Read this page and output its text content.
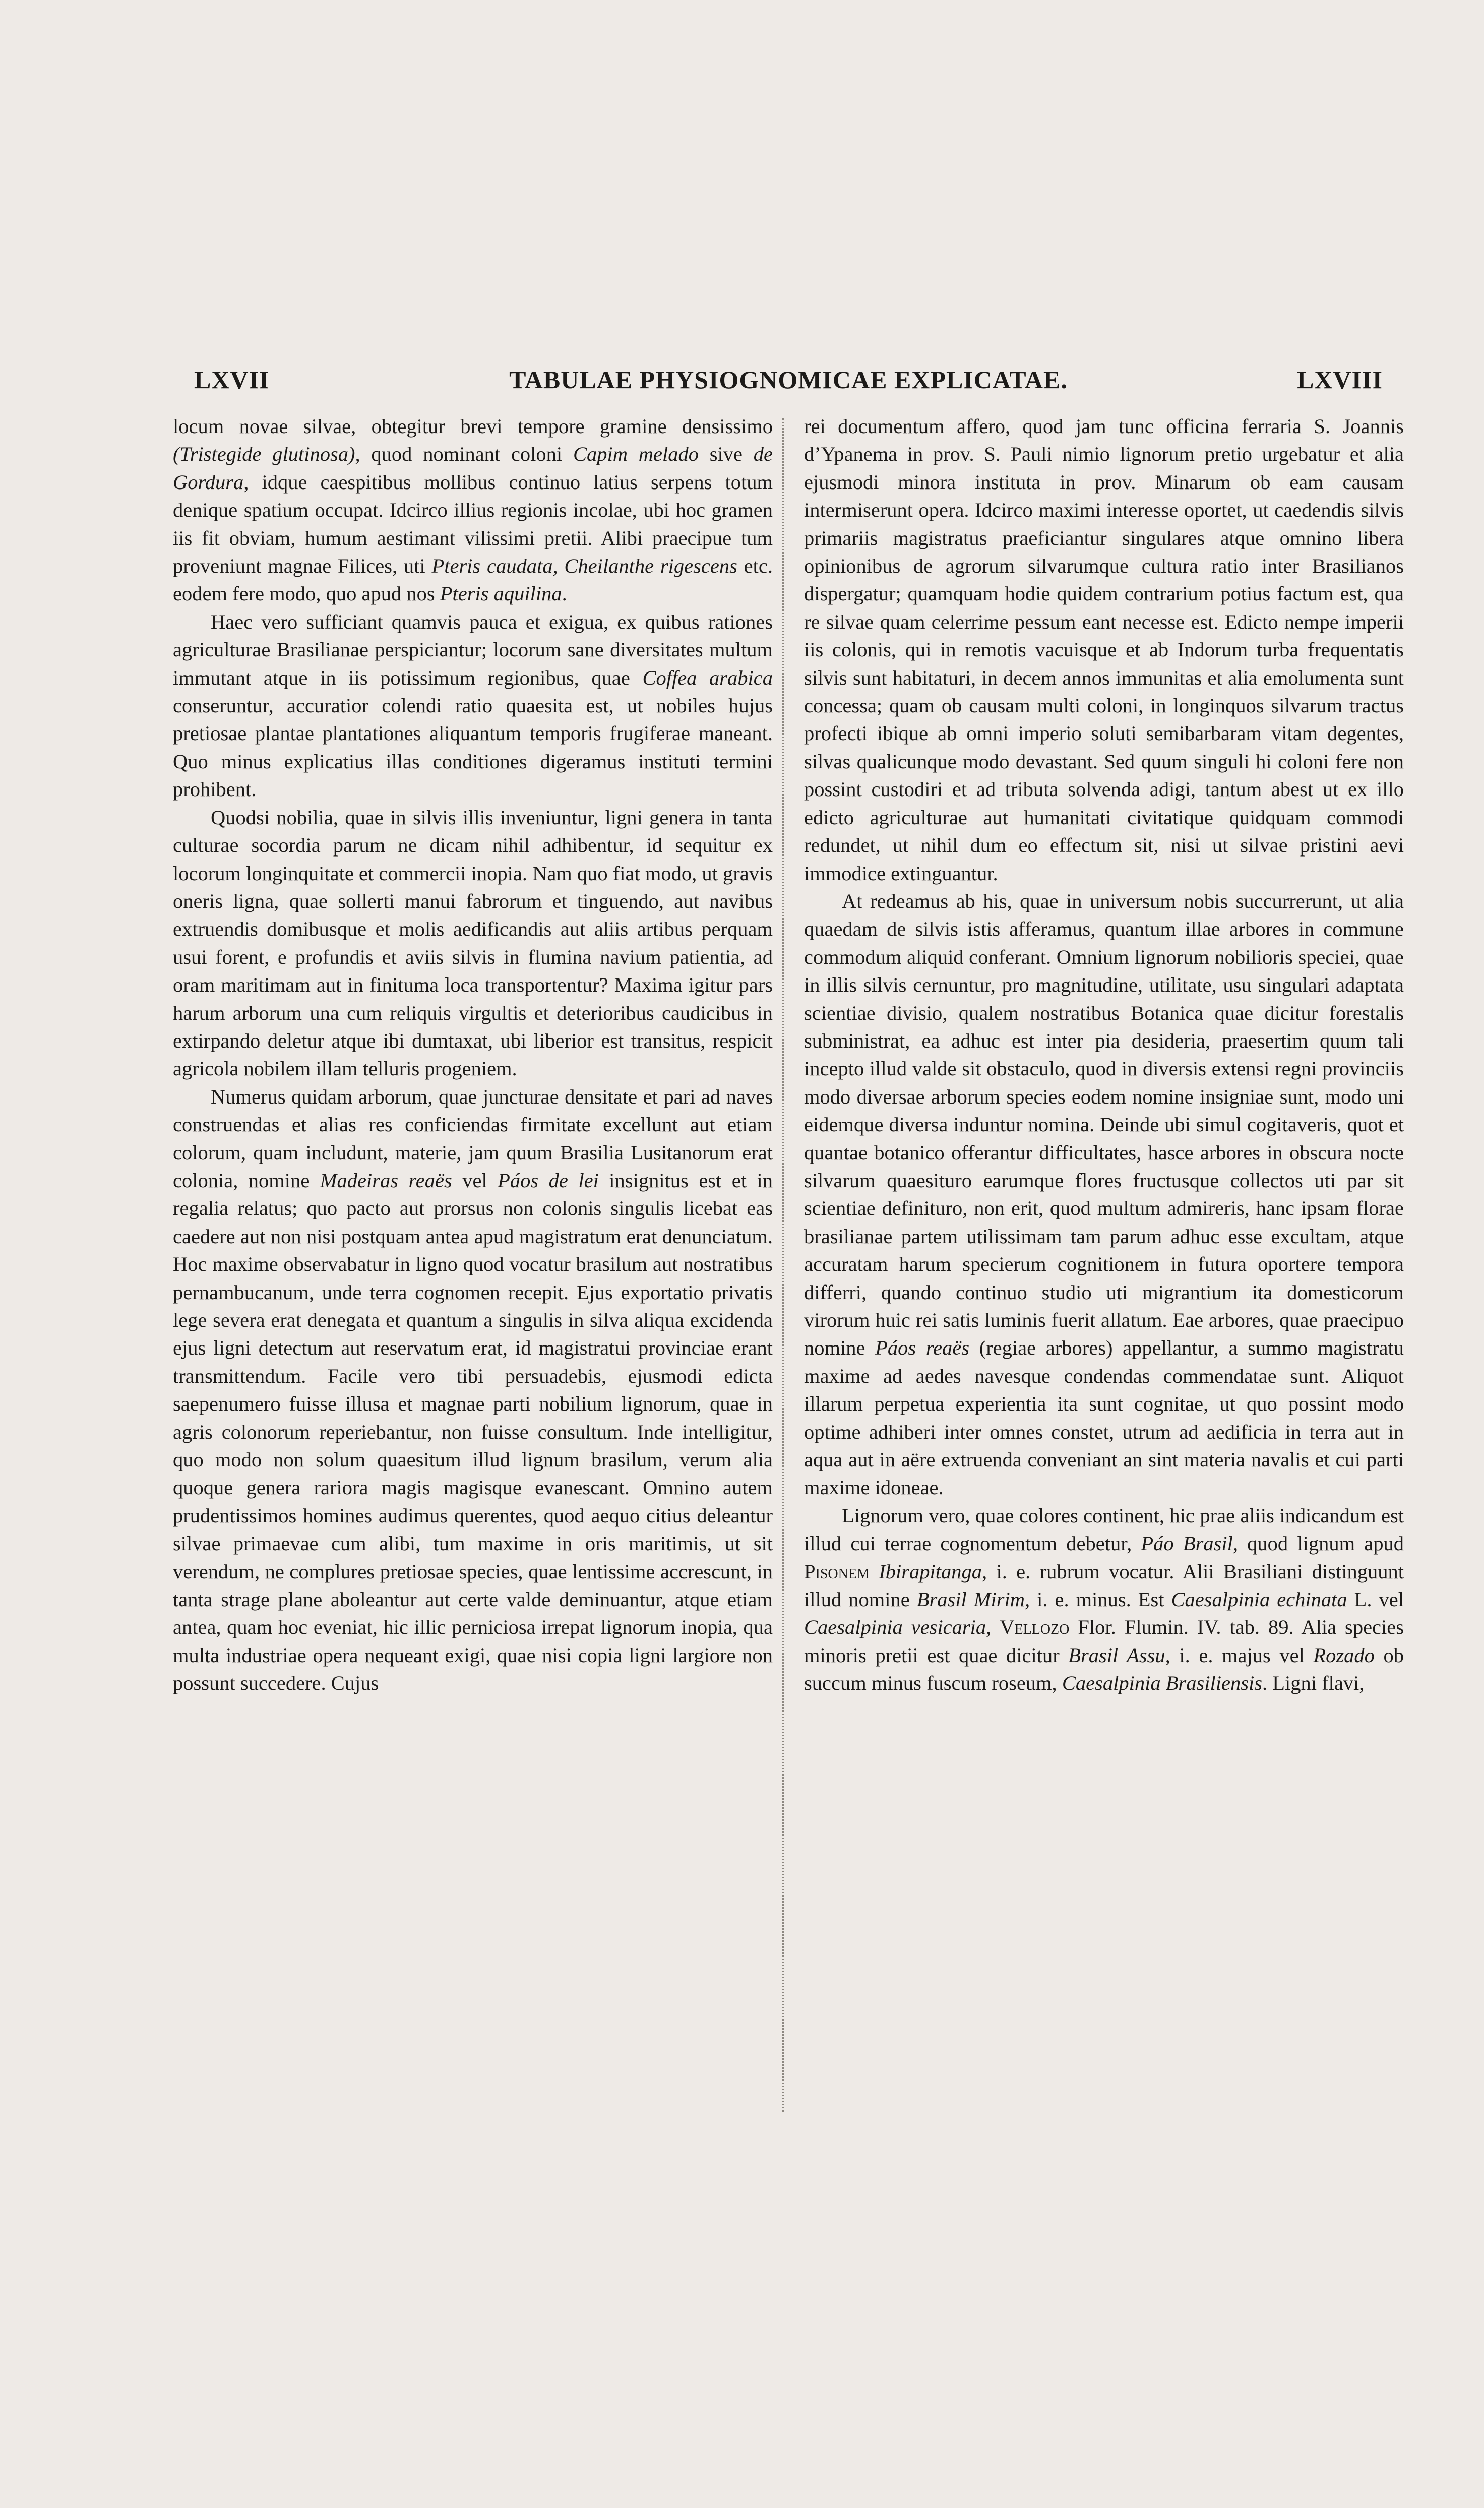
LXVII	TABULAE PHYSIOGNOMICAE EXPLICATAE.	LXVIII

locum novae silvae, obtegitur brevi tempore gramine densissimo (Tristegide glutinosa), quod nominant coloni Capim melado sive de Gordura, idque caespitibus mollibus continuo latius serpens totum denique spatium occupat. Idcirco illius regionis incolae, ubi hoc gramen iis fit obviam, humum aestimant vilissimi pretii. Alibi praecipue tum proveniunt magnae Filices, uti Pteris caudata, Cheilanthe rigescens etc. eodem fere modo, quo apud nos Pteris aquilina.

Haec vero sufficiant quamvis pauca et exigua, ex quibus rationes agriculturae Brasilianae perspiciantur; locorum sane diversitates multum immutant atque in iis potissimum regionibus, quae Coffea arabica conseruntur, accuratior colendi ratio quaesita est, ut nobiles hujus pretiosae plantae plantationes aliquantum temporis frugiferae maneant. Quo minus explicatius illas conditiones digeramus instituti termini prohibent.

Quodsi nobilia, quae in silvis illis inveniuntur, ligni genera in tanta culturae socordia parum ne dicam nihil adhibentur, id sequitur ex locorum longinquitate et commercii inopia. Nam quo fiat modo, ut gravis oneris ligna, quae sollerti manui fabrorum et tinguendo, aut navibus extruendis domibusque et molis aedificandis aut aliis artibus perquam usui forent, e profundis et aviis silvis in flumina navium patientia, ad oram maritimam aut in finituma loca transportentur? Maxima igitur pars harum arborum una cum reliquis virgultis et deterioribus caudicibus in extirpando deletur atque ibi dumtaxat, ubi liberior est transitus, respicit agricola nobilem illam telluris progeniem.

Numerus quidam arborum, quae juncturae densitate et pari ad naves construendas et alias res conficiendas firmitate excellunt aut etiam colorum, quam includunt, materie, jam quum Brasilia Lusitanorum erat colonia, nomine Madeiras reaës vel Páos de lei insignitus est et in regalia relatus; quo pacto aut prorsus non colonis singulis licebat eas caedere aut non nisi postquam antea apud magistratum erat denunciatum. Hoc maxime observabatur in ligno quod vocatur brasilum aut nostratibus pernambucanum, unde terra cognomen recepit. Ejus exportatio privatis lege severa erat denegata et quantum a singulis in silva aliqua excidenda ejus ligni detectum aut reservatum erat, id magistratui provinciae erant transmittendum. Facile vero tibi persuadebis, ejusmodi edicta saepenumero fuisse illusa et magnae parti nobilium lignorum, quae in agris colonorum reperiebantur, non fuisse consultum. Inde intelligitur, quo modo non solum quaesitum illud lignum brasilum, verum alia quoque genera rariora magis magisque evanescant. Omnino autem prudentissimos homines audimus querentes, quod aequo citius deleantur silvae primaevae cum alibi, tum maxime in oris maritimis, ut sit verendum, ne complures pretiosae species, quae lentissime accrescunt, in tanta strage plane aboleantur aut certe valde deminuantur, atque etiam antea, quam hoc eveniat, hic illic perniciosa irrepat lignorum inopia, qua multa industriae opera nequeant exigi, quae nisi copia ligni largiore non possunt succedere. Cujus

rei documentum affero, quod jam tunc officina ferraria S. Joannis d’Ypanema in prov. S. Pauli nimio lignorum pretio urgebatur et alia ejusmodi minora instituta in prov. Minarum ob eam causam intermiserunt opera. Idcirco maximi interesse oportet, ut caedendis silvis primariis magistratus praeficiantur singulares atque omnino libera opinionibus de agrorum silvarumque cultura ratio inter Brasilianos dispergatur; quamquam hodie quidem contrarium potius factum est, qua re silvae quam celerrime pessum eant necesse est. Edicto nempe imperii iis colonis, qui in remotis vacuisque et ab Indorum turba frequentatis silvis sunt habitaturi, in decem annos immunitas et alia emolumenta sunt concessa; quam ob causam multi coloni, in longinquos silvarum tractus profecti ibique ab omni imperio soluti semibarbaram vitam degentes, silvas qualicunque modo devastant. Sed quum singuli hi coloni fere non possint custodiri et ad tributa solvenda adigi, tantum abest ut ex illo edicto agriculturae aut humanitati civitatique quidquam commodi redundet, ut nihil dum eo effectum sit, nisi ut silvae pristini aevi immodice extinguantur.

At redeamus ab his, quae in universum nobis succurrerunt, ut alia quaedam de silvis istis afferamus, quantum illae arbores in commune commodum aliquid conferant. Omnium lignorum nobilioris speciei, quae in illis silvis cernuntur, pro magnitudine, utilitate, usu singulari adaptata scientiae divisio, qualem nostratibus Botanica quae dicitur forestalis subministrat, ea adhuc est inter pia desideria, praesertim quum tali incepto illud valde sit obstaculo, quod in diversis extensi regni provinciis modo diversae arborum species eodem nomine insigniae sunt, modo uni eidemque diversa induntur nomina. Deinde ubi simul cogitaveris, quot et quantae botanico offerantur difficultates, hasce arbores in obscura nocte silvarum quaesituro earumque flores fructusque collectos uti par sit scientiae definituro, non erit, quod multum admireris, hanc ipsam florae brasilianae partem utilissimam tam parum adhuc esse excultam, atque accuratam harum specierum cognitionem in futura oportere tempora differri, quando continuo studio uti migrantium ita domesticorum virorum huic rei satis luminis fuerit allatum. Eae arbores, quae praecipuo nomine Páos reaës (regiae arbores) appellantur, a summo magistratu maxime ad aedes navesque condendas commendatae sunt. Aliquot illarum perpetua experientia ita sunt cognitae, ut quo possint modo optime adhiberi inter omnes constet, utrum ad aedificia in terra aut in aqua aut in aëre extruenda conveniant an sint materia navalis et cui parti maxime idoneae.

Lignorum vero, quae colores continent, hic prae aliis indicandum est illud cui terrae cognomentum debetur, Páo Brasil, quod lignum apud Pisonem Ibirapitanga, i. e. rubrum vocatur. Alii Brasiliani distinguunt illud nomine Brasil Mirim, i. e. minus. Est Caesalpinia echinata L. vel Caesalpinia vesicaria, Vellozo Flor. Flumin. IV. tab. 89. Alia species minoris pretii est quae dicitur Brasil Assu, i. e. majus vel Rozado ob succum minus fuscum roseum, Caesalpinia Brasiliensis. Ligni flavi,
